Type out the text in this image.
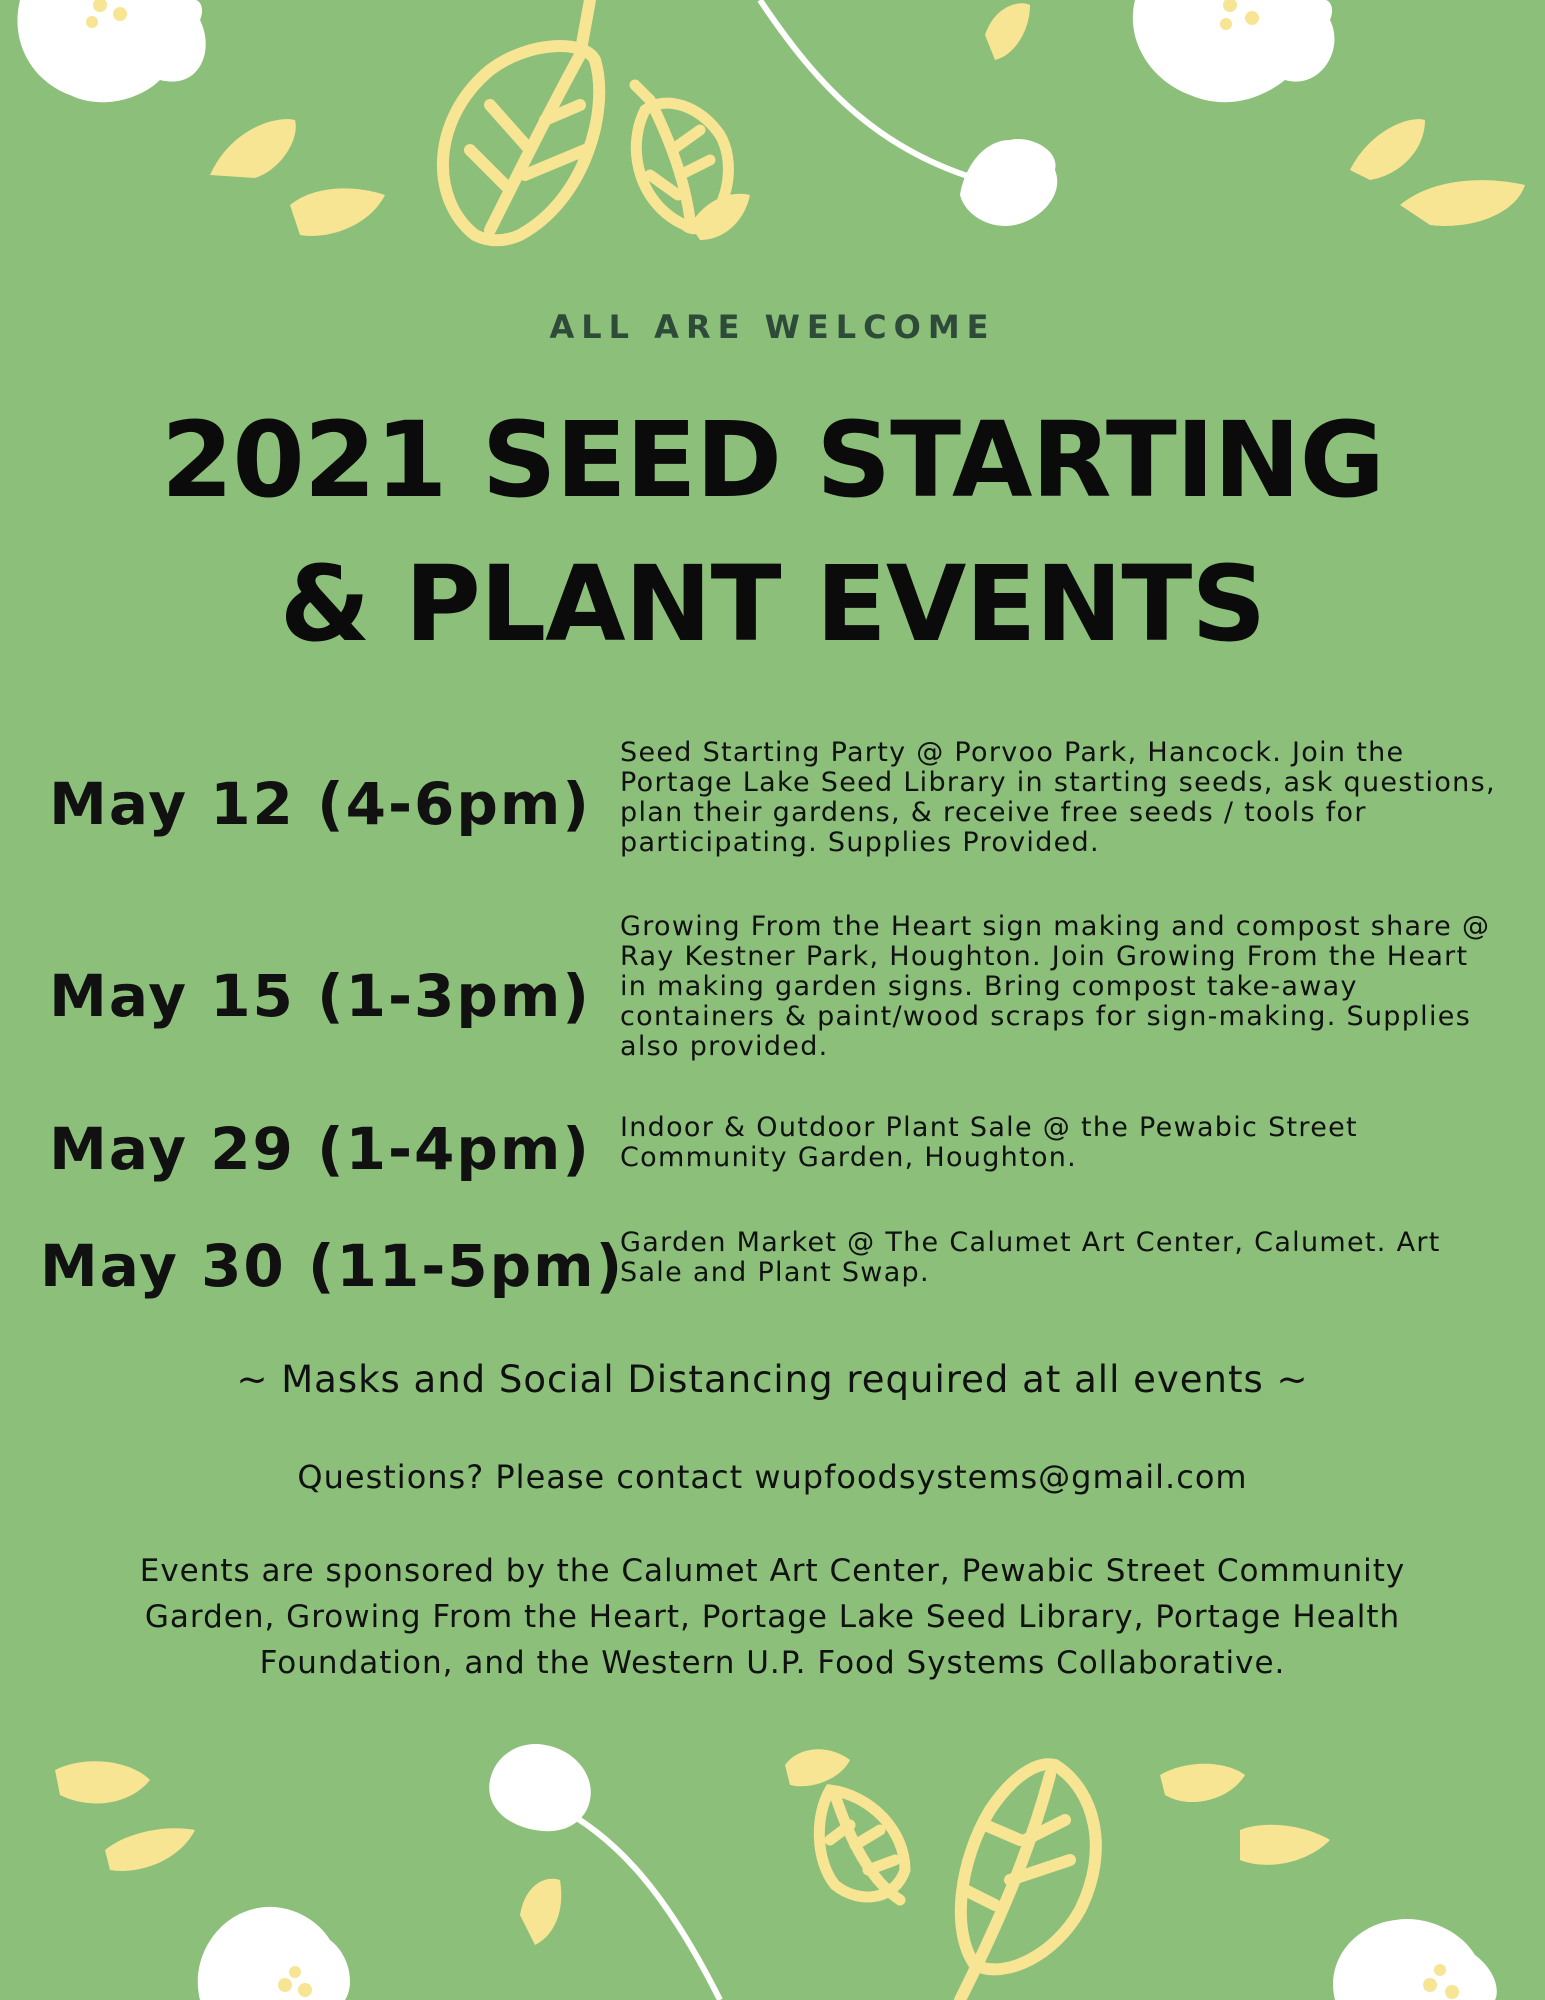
ALL ARE WELCOME
2021 SEED STARTING
& PLANT EVENTS
May 12 (4-6pm)
Seed Starting Party @ Porvoo Park, Hancock. Join the Portage Lake Seed Library in starting seeds, ask questions, plan their gardens, & receive free seeds / tools for participating. Supplies Provided.
May 15 (1-3pm)
Growing From the Heart sign making and compost share @ Ray Kestner Park, Houghton. Join Growing From the Heart in making garden signs. Bring compost take-away containers & paint/wood scraps for sign-making. Supplies also provided.
May 29 (1-4pm)	Indoor & Outdoor Plant Sale @ the Pewabic Street Community Garden, Houghton.
May 30 (11-5pm)
Garden Market @ The Calumet Art Center, Calumet. Art Sale and Plant Swap.
~ Masks and Social Distancing required at all events ~
Questions? Please contact wupfoodsystems@gmail.com
Events are sponsored by the Calumet Art Center, Pewabic Street Community Garden, Growing From the Heart, Portage Lake Seed Library, Portage Health Foundation, and the Western U.P. Food Systems Collaborative.
